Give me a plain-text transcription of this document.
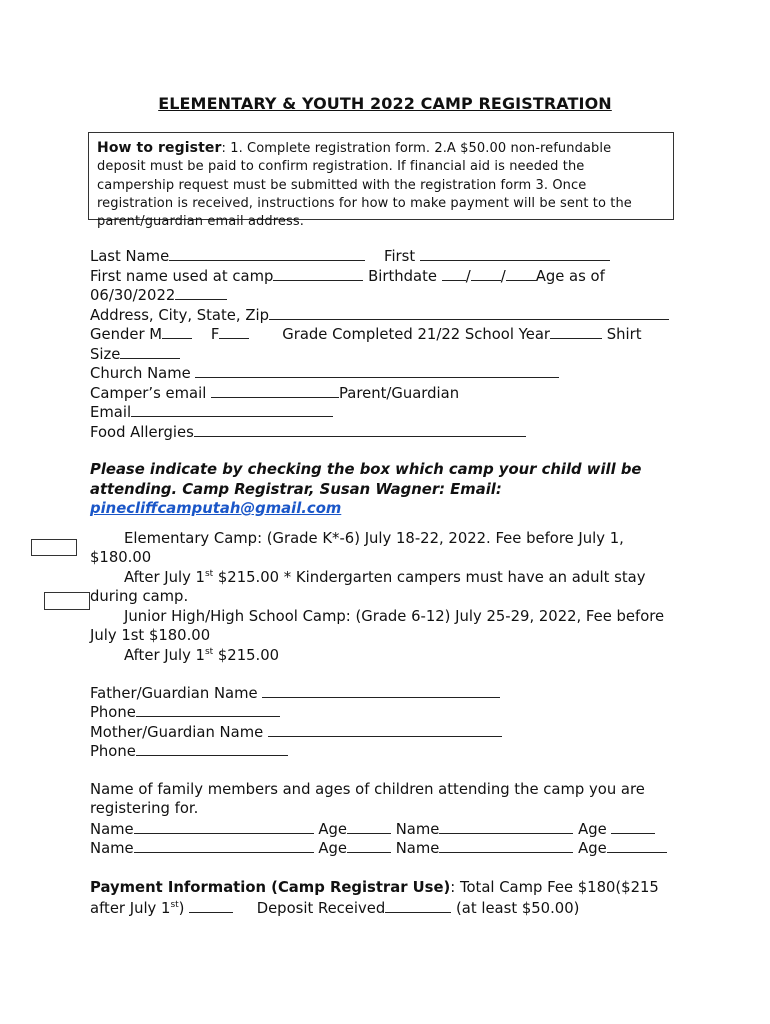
ELEMENTARY & YOUTH 2022 CAMP REGISTRATION
How to register: 1. Complete registration form. 2.A $50.00 non-refundable deposit must be paid to confirm registration. If financial aid is needed the campership request must be submitted with the registration form 3. Once registration is received, instructions for how to make payment will be sent to the parent/guardian email address.
Last Name	First
First name used at camp	Birthdate / / Age as of
06/30/2022
Address, City, State, Zip
Gender M	F	Grade Completed 21/22 School Year	Shirt
Size
Church Name
Camper’s email	Parent/Guardian
Email
Food Allergies
Please indicate by checking the box which camp your child will be
attending. Camp Registrar, Susan Wagner: Email:
pinecliffcamputah@gmail.com
Elementary Camp: (Grade K*-6) July 18-22, 2022. Fee before July 1,
$180.00
After July 1st $215.00 * Kindergarten campers must have an adult stay
during camp.
Junior High/High School Camp: (Grade 6-12) July 25-29, 2022, Fee before
July 1st $180.00
After July 1st $215.00
Father/Guardian Name
Phone
Mother/Guardian Name
Phone
Name of family members and ages of children attending the camp you are
registering for.
Name	Age	Name	Age
Name	Age	Name	Age
Payment Information (Camp Registrar Use): Total Camp Fee $180($215
after July 1st)	Deposit Received	(at least $50.00)
